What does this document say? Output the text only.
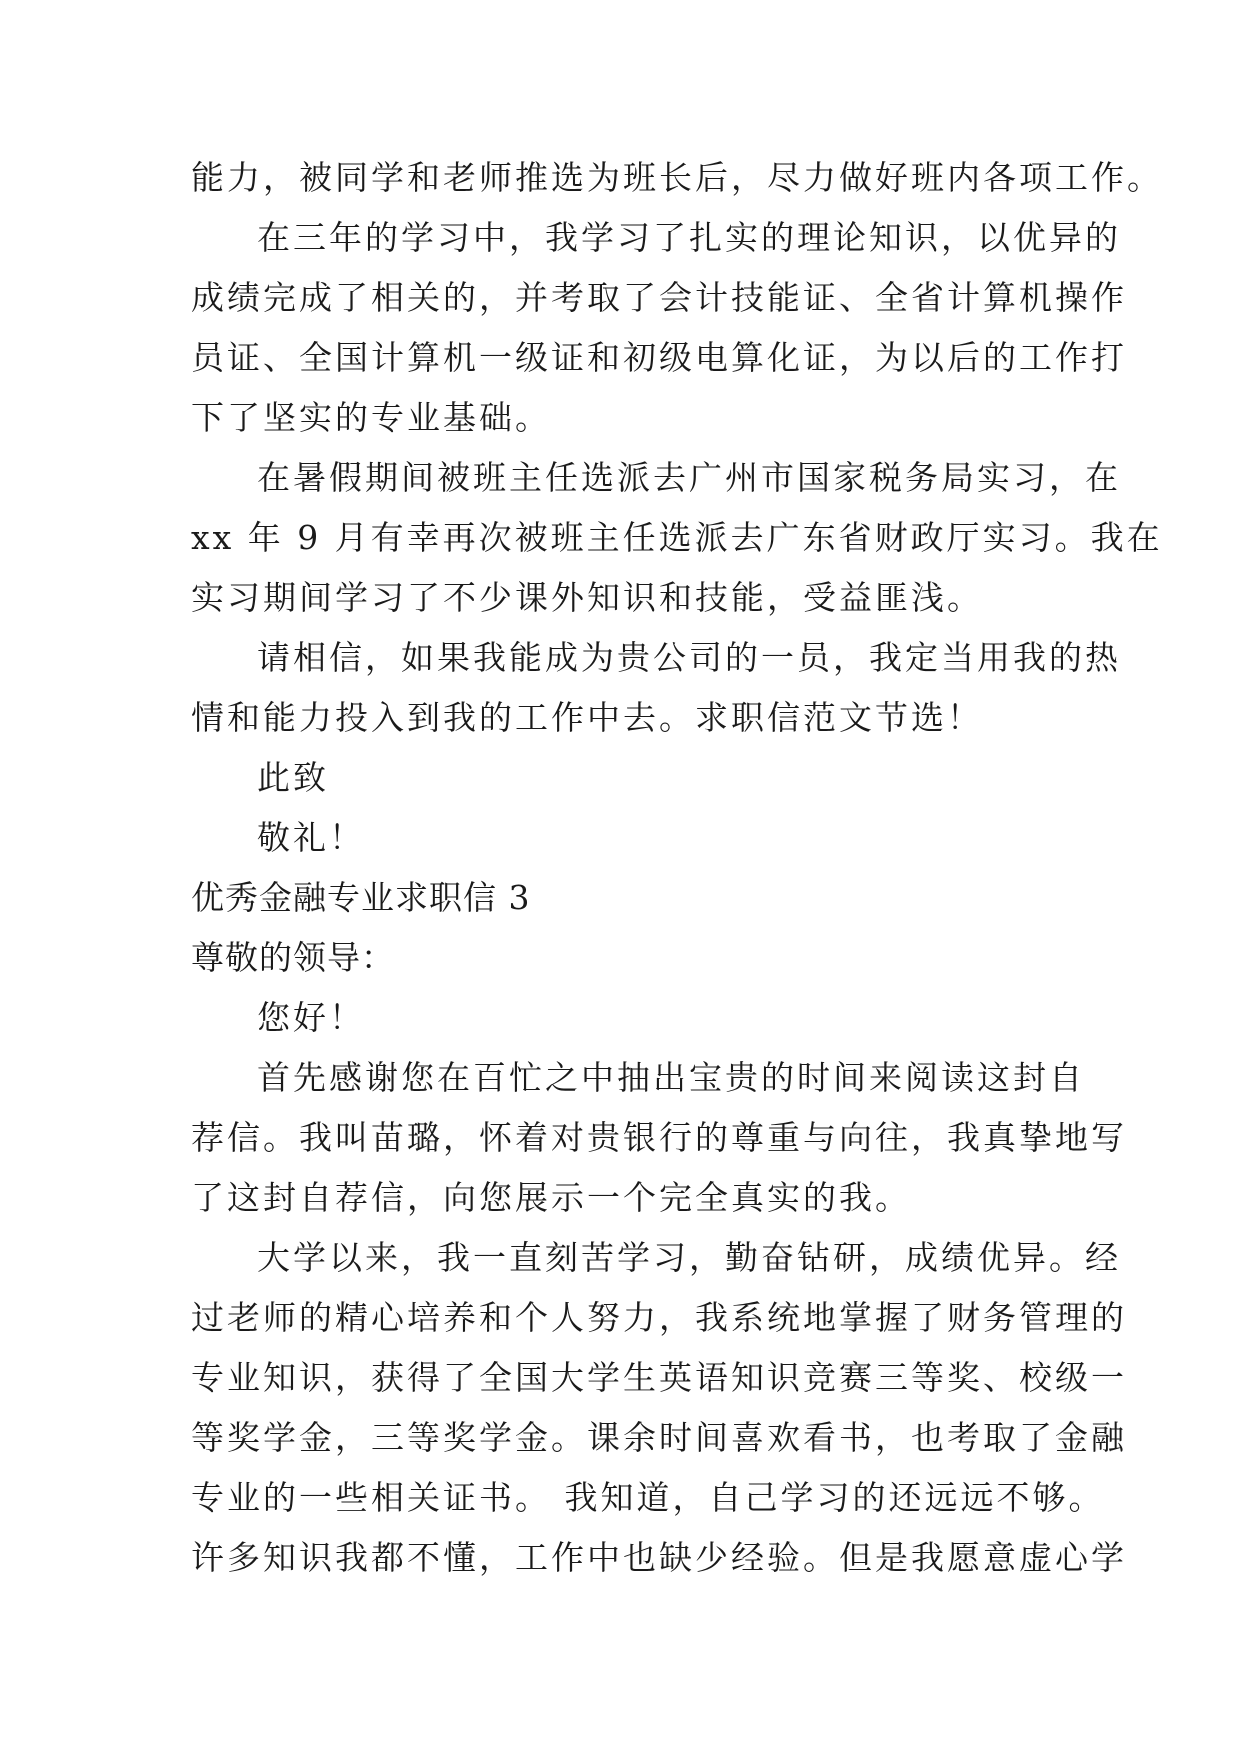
能力，被同学和老师推选为班长后，尽力做好班内各项工作。
在三年的学习中，我学习了扎实的理论知识，以优异的
成绩完成了相关的，并考取了会计技能证、全省计算机操作
员证、全国计算机一级证和初级电算化证，为以后的工作打
下了坚实的专业基础。
在暑假期间被班主任选派去广州市国家税务局实习，在
xx 年 9 月有幸再次被班主任选派去广东省财政厅实习。我在
实习期间学习了不少课外知识和技能，受益匪浅。
请相信，如果我能成为贵公司的一员，我定当用我的热
情和能力投入到我的工作中去。求职信范文节选！
此致
敬礼！
优秀金融专业求职信 3
尊敬的领导：
您好！
首先感谢您在百忙之中抽出宝贵的时间来阅读这封自
荐信。我叫苗璐，怀着对贵银行的尊重与向往，我真挚地写
了这封自荐信，向您展示一个完全真实的我。
大学以来，我一直刻苦学习，勤奋钻研，成绩优异。经
过老师的精心培养和个人努力，我系统地掌握了财务管理的
专业知识，获得了全国大学生英语知识竞赛三等奖、校级一
等奖学金，三等奖学金。课余时间喜欢看书，也考取了金融
专业的一些相关证书。 我知道，自己学习的还远远不够。
许多知识我都不懂，工作中也缺少经验。但是我愿意虚心学
